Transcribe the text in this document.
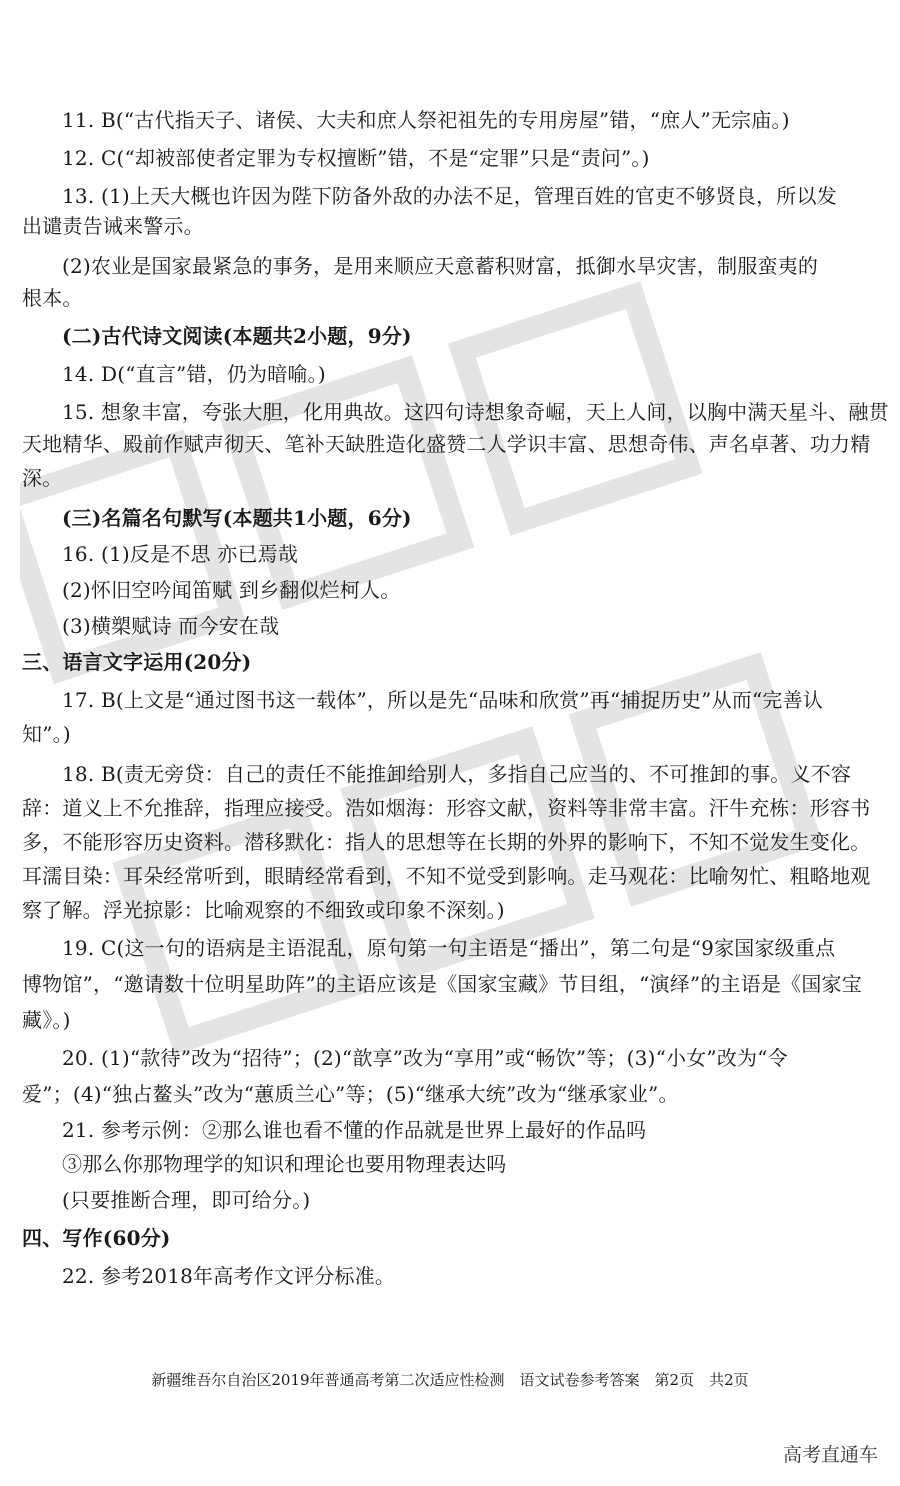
11. B(“古代指天子、诸侯、大夫和庶人祭祀祖先的专用房屋”错，“庶人”无宗庙。)
12. C(“却被部使者定罪为专权擅断”错，不是“定罪”只是“责问”。)
13. (1)上天大概也许因为陛下防备外敌的办法不足，管理百姓的官吏不够贤良，所以发
出谴责告诫来警示。
(2)农业是国家最紧急的事务，是用来顺应天意蓄积财富，抵御水旱灾害，制服蛮夷的
根本。
(二)古代诗文阅读(本题共2小题，9分)
14. D(“直言”错，仍为暗喻。)
15. 想象丰富，夸张大胆，化用典故。这四句诗想象奇崛，天上人间，以胸中满天星斗、融贯
天地精华、殿前作赋声彻天、笔补天缺胜造化盛赞二人学识丰富、思想奇伟、声名卓著、功力精
深。
(三)名篇名句默写(本题共1小题，6分)
16. (1)反是不思 亦已焉哉
(2)怀旧空吟闻笛赋 到乡翻似烂柯人。
(3)横槊赋诗 而今安在哉
三、语言文字运用(20分)
17. B(上文是“通过图书这一载体”，所以是先“品味和欣赏”再“捕捉历史”从而“完善认
知”。)
18. B(责无旁贷：自己的责任不能推卸给别人，多指自己应当的、不可推卸的事。义不容
辞：道义上不允推辞，指理应接受。浩如烟海：形容文献，资料等非常丰富。汗牛充栋：形容书
多，不能形容历史资料。潜移默化：指人的思想等在长期的外界的影响下，不知不觉发生变化。
耳濡目染：耳朵经常听到，眼睛经常看到，不知不觉受到影响。走马观花：比喻匆忙、粗略地观
察了解。浮光掠影：比喻观察的不细致或印象不深刻。)
19. C(这一句的语病是主语混乱，原句第一句主语是“播出”，第二句是“9家国家级重点
博物馆”，“邀请数十位明星助阵”的主语应该是《国家宝藏》节目组，“演绎”的主语是《国家宝
藏》。)
20. (1)“款待”改为“招待”；(2)“歆享”改为“享用”或“畅饮”等；(3)“小女”改为“令
爱”；(4)“独占鳌头”改为“蕙质兰心”等；(5)“继承大统”改为“继承家业”。
21. 参考示例：②那么谁也看不懂的作品就是世界上最好的作品吗
③那么你那物理学的知识和理论也要用物理表达吗
(只要推断合理，即可给分。)
四、写作(60分)
22. 参考2018年高考作文评分标准。
新疆维吾尔自治区2019年普通高考第二次适应性检测　语文试卷参考答案　第2页　共2页
高考直通车
